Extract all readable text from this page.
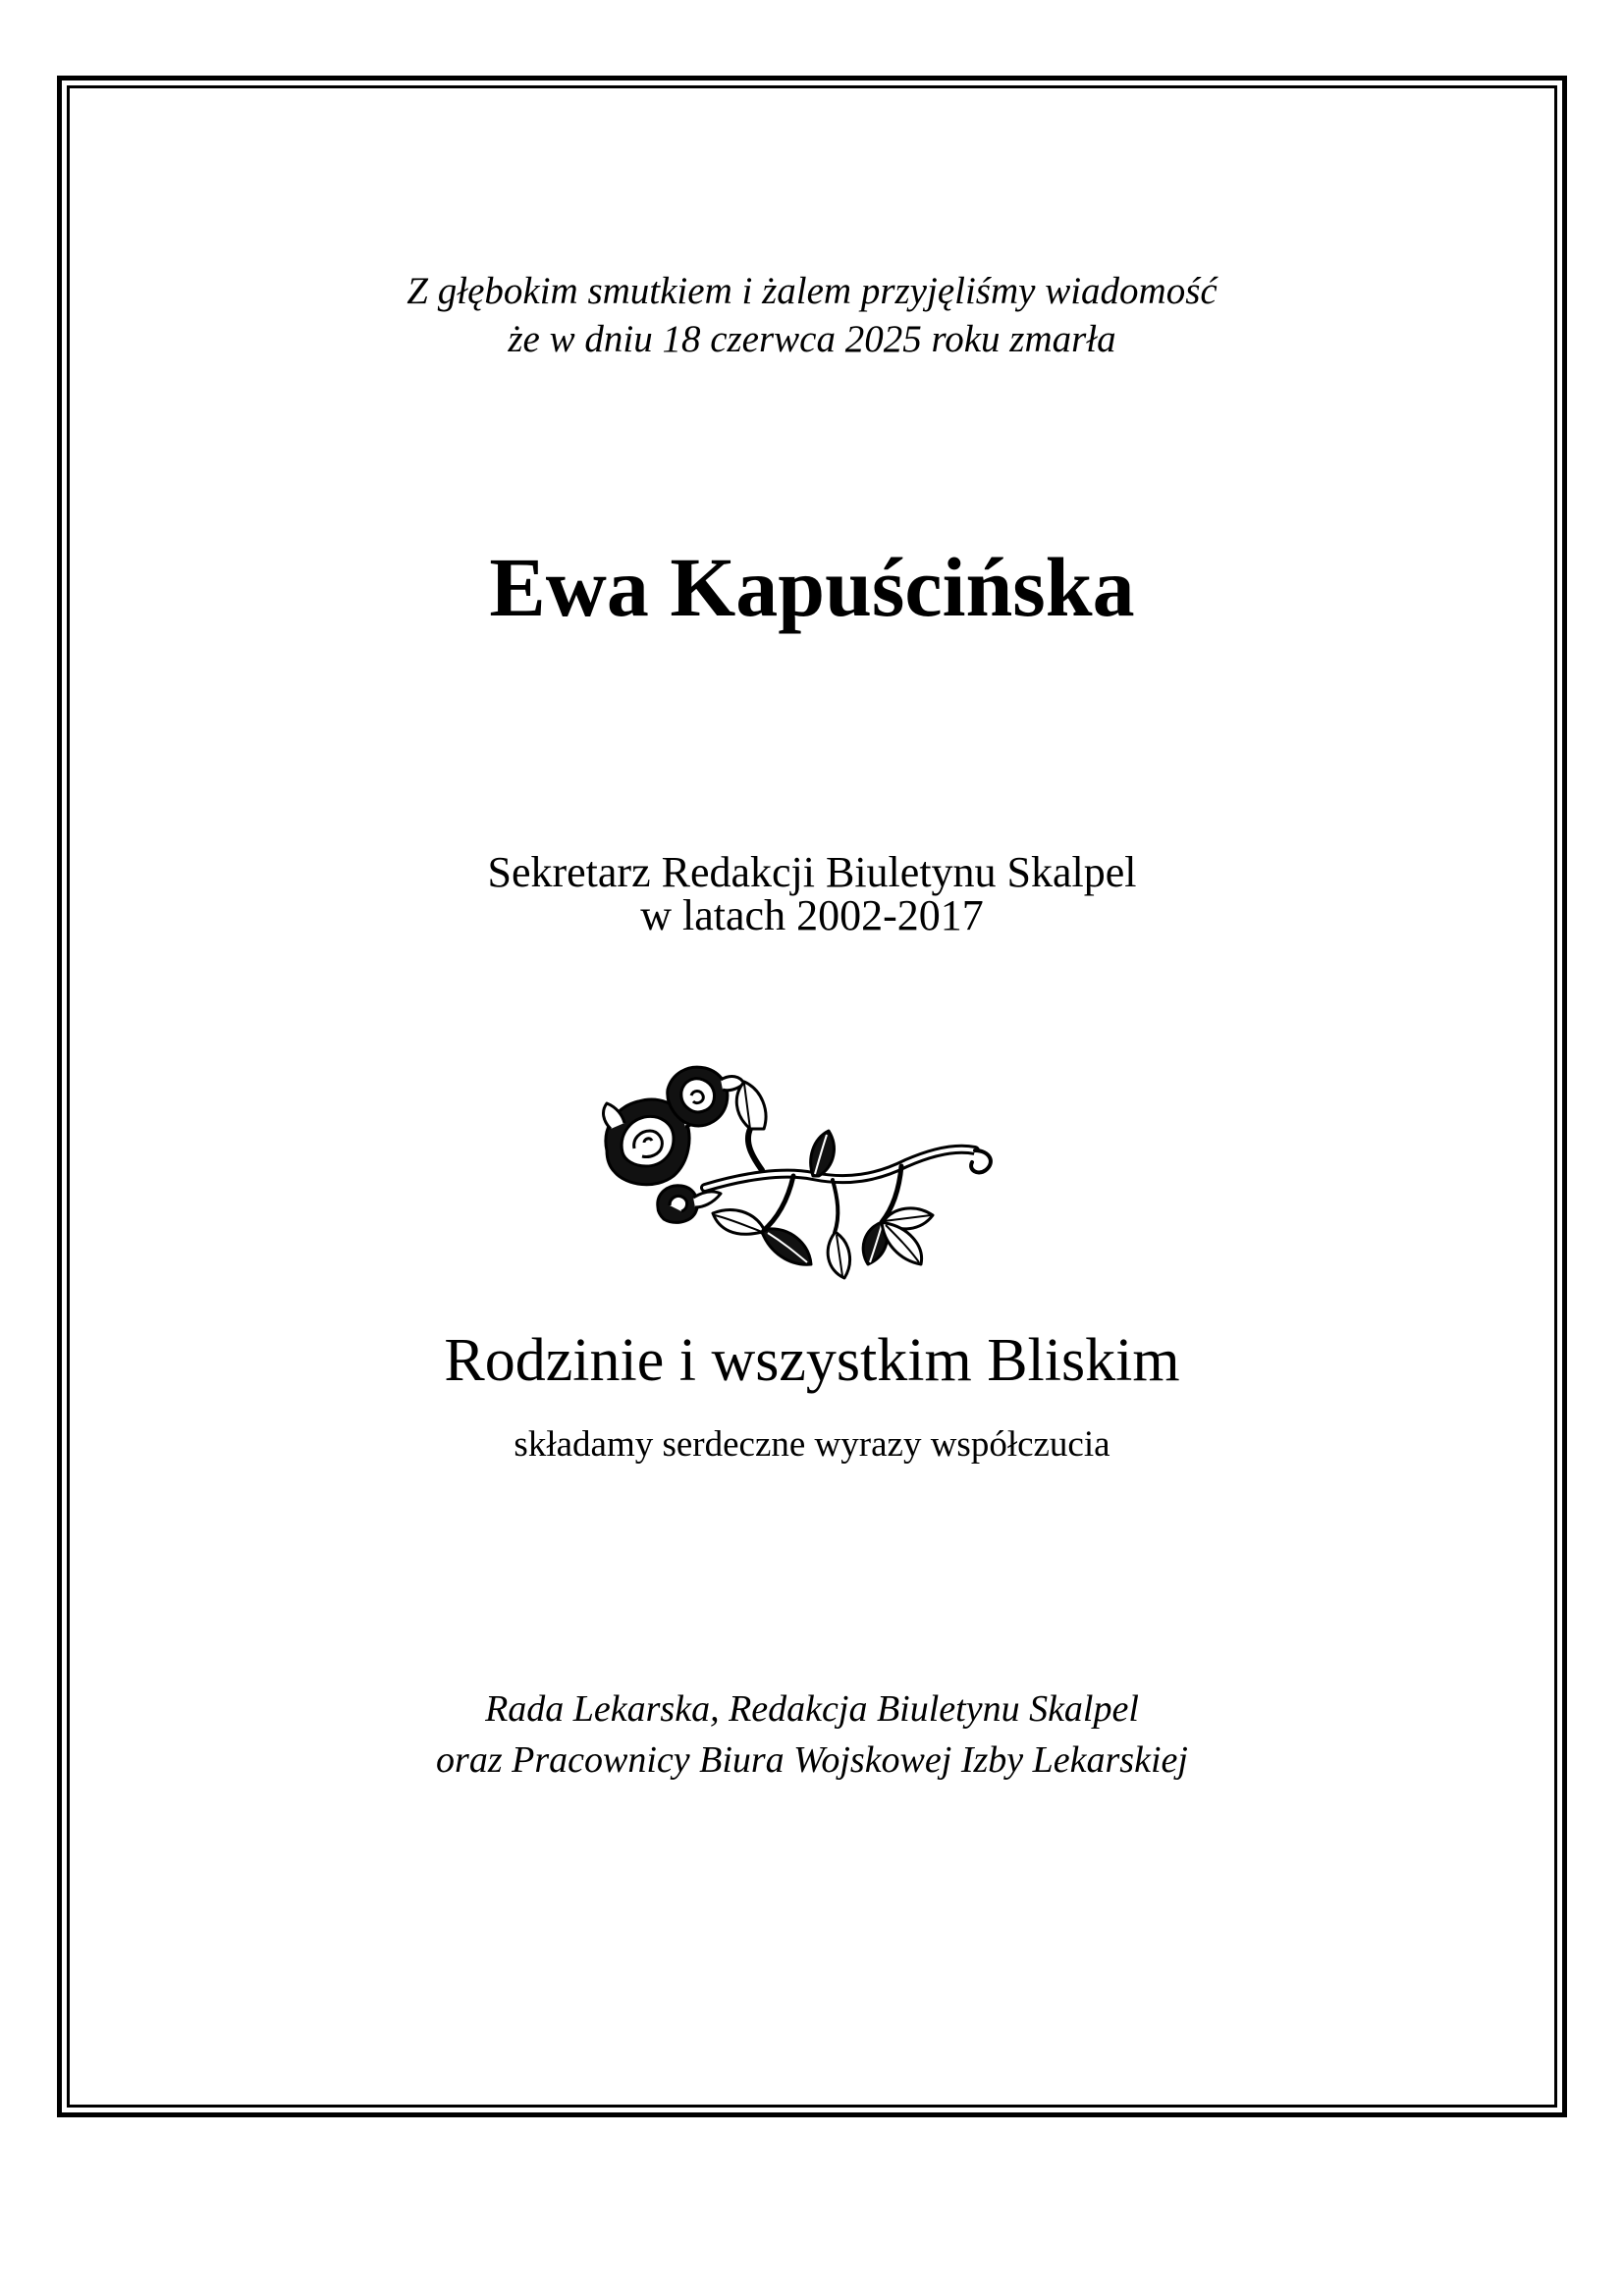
Z głębokim smutkiem i żalem przyjęliśmy wiadomość

że w dniu 18 czerwca 2025 roku zmarła

Ewa Kapuścińska

Sekretarz Redakcji Biuletynu Skalpel

w latach 2002-2017

Rodzinie i wszystkim Bliskim

składamy serdeczne wyrazy współczucia

Rada Lekarska, Redakcja Biuletynu Skalpel

oraz Pracownicy Biura Wojskowej Izby Lekarskiej
